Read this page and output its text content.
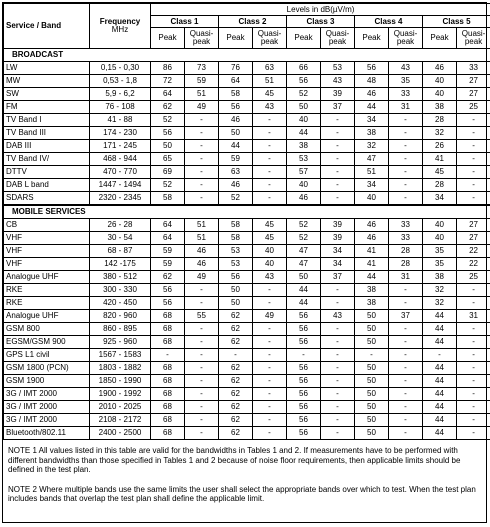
Service / Band	Frequency
MHz	Levels in dB(µV/m)									
		Class 1		Class 2		Class 3		Class 4		Class 5	
		Peak	Quasi-peak	Peak	Quasi-peak	Peak	Quasi-peak	Peak	Quasi-peak	Peak	Quasi-peak
BROADCAST											
LW	0,15 - 0,30	86	73	76	63	66	53	56	43	46	33
MW	0,53 - 1,8	72	59	64	51	56	43	48	35	40	27
SW	5,9 - 6,2	64	51	58	45	52	39	46	33	40	27
FM	76 - 108	62	49	56	43	50	37	44	31	38	25
TV Band I	41 - 88	52	-	46	-	40	-	34	-	28	-
TV Band III	174 - 230	56	-	50	-	44	-	38	-	32	-
DAB III	171 - 245	50	-	44	-	38	-	32	-	26	-
TV Band IV/	468 - 944	65	-	59	-	53	-	47	-	41	-
DTTV	470 - 770	69	-	63	-	57	-	51	-	45	-
DAB L band	1447 - 1494	52	-	46	-	40	-	34	-	28	-
SDARS	2320 - 2345	58	-	52	-	46	-	40	-	34	-
MOBILE SERVICES											
CB	26 - 28	64	51	58	45	52	39	46	33	40	27
VHF	30 - 54	64	51	58	45	52	39	46	33	40	27
VHF	68 - 87	59	46	53	40	47	34	41	28	35	22
VHF	142 -175	59	46	53	40	47	34	41	28	35	22
Analogue UHF	380 - 512	62	49	56	43	50	37	44	31	38	25
RKE	300 - 330	56	-	50	-	44	-	38	-	32	-
RKE	420 - 450	56	-	50	-	44	-	38	-	32	-
Analogue UHF	820 - 960	68	55	62	49	56	43	50	37	44	31
GSM 800	860 - 895	68	-	62	-	56	-	50	-	44	-
EGSM/GSM 900	925 - 960	68	-	62	-	56	-	50	-	44	-
GPS L1 civil	1567 - 1583	-	-	-	-	-	-	-	-	-	-
GSM 1800 (PCN)	1803 - 1882	68	-	62	-	56	-	50	-	44	-
GSM 1900	1850 - 1990	68	-	62	-	56	-	50	-	44	-
3G / IMT 2000	1900 - 1992	68	-	62	-	56	-	50	-	44	-
3G / IMT 2000	2010 - 2025	68	-	62	-	56	-	50	-	44	-
3G / IMT 2000	2108 - 2172	68	-	62	-	56	-	50	-	44	-
Bluetooth/802.11	2400 - 2500	68	-	62	-	56	-	50	-	44	-

NOTE 1 All values listed in this table are valid for the bandwidths in Tables 1 and 2. If measurements have to be performed with different bandwidths than those specified in Tables 1 and 2 because of noise floor requirements, then applicable limits should be defined in the test plan.

NOTE 2 Where multiple bands use the same limits the user shall select the appropriate bands over which to test. When the test plan includes bands that overlap the test plan shall define the applicable limit.
